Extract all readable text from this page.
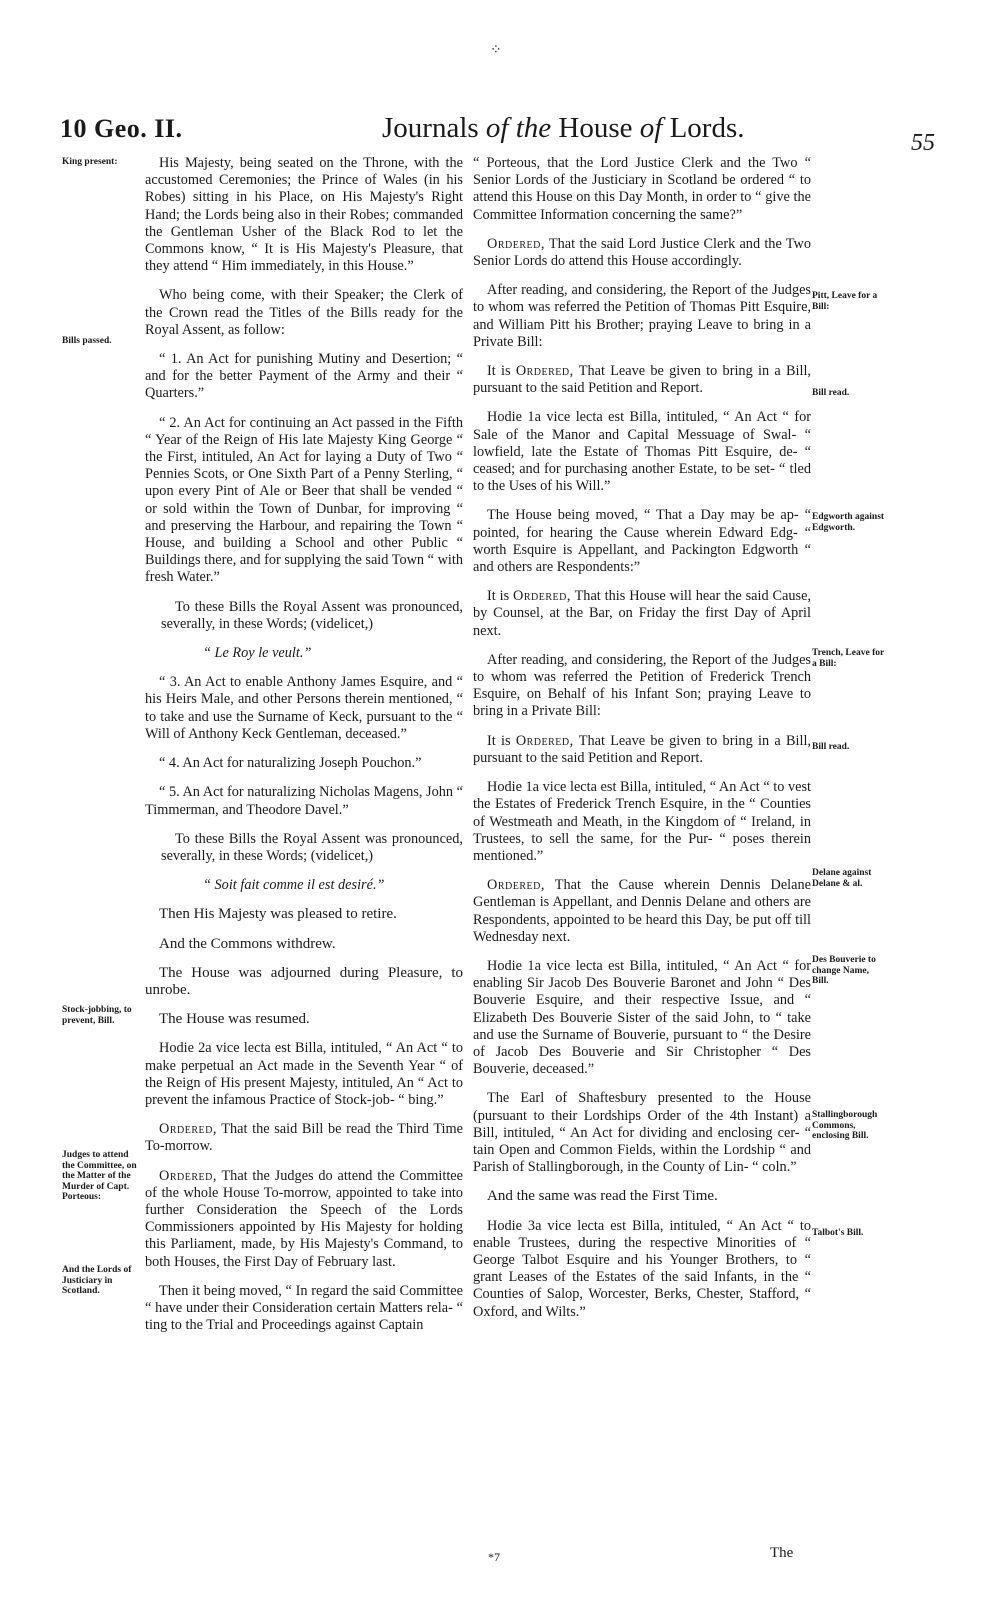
⁘
10 Geo. II.	Journals of the House of Lords.	55
King present:
Bills passed.
Stock-jobbing, to prevent, Bill.
Judges to attend the Committee, on the Matter of the Murder of Capt. Porteous:
And the Lords of Justiciary in Scotland.
Pitt, Leave for a Bill:
Bill read.
Edgworth against Edgworth.
Trench, Leave for a Bill:
Bill read.
Delane against Delane & al.
Des Bouverie to change Name, Bill.
Stallingborough Commons, enclosing Bill.
Talbot's Bill.

His Majesty, being seated on the Throne, with the accustomed Ceremonies; the Prince of Wales (in his Robes) sitting in his Place, on His Majesty's Right Hand; the Lords being also in their Robes; commanded the Gentleman Usher of the Black Rod to let the Commons know, “ It is His Majesty's Pleasure, that they attend “ Him immediately, in this House.”

Who being come, with their Speaker; the Clerk of the Crown read the Titles of the Bills ready for the Royal Assent, as follow:

“ 1. An Act for punishing Mutiny and Desertion; “ and for the better Payment of the Army and their “ Quarters.”

“ 2. An Act for continuing an Act passed in the Fifth “ Year of the Reign of His late Majesty King George “ the First, intituled, An Act for laying a Duty of Two “ Pennies Scots, or One Sixth Part of a Penny Sterling, “ upon every Pint of Ale or Beer that shall be vended “ or sold within the Town of Dunbar, for improving “ and preserving the Harbour, and repairing the Town “ House, and building a School and other Public “ Buildings there, and for supplying the said Town “ with fresh Water.”

To these Bills the Royal Assent was pronounced, severally, in these Words; (videlicet,)

“ Le Roy le veult.”

“ 3. An Act to enable Anthony James Esquire, and “ his Heirs Male, and other Persons therein mentioned, “ to take and use the Surname of Keck, pursuant to the “ Will of Anthony Keck Gentleman, deceased.”

“ 4. An Act for naturalizing Joseph Pouchon.”

“ 5. An Act for naturalizing Nicholas Magens, John “ Timmerman, and Theodore Davel.”

To these Bills the Royal Assent was pronounced, severally, in these Words; (videlicet,)

“ Soit fait comme il est desiré.”

Then His Majesty was pleased to retire.

And the Commons withdrew.

The House was adjourned during Pleasure, to unrobe.

The House was resumed.

Hodie 2a vice lecta est Billa, intituled, “ An Act “ to make perpetual an Act made in the Seventh Year “ of the Reign of His present Majesty, intituled, An “ Act to prevent the infamous Practice of Stock-job- “ bing.”

Ordered, That the said Bill be read the Third Time To-morrow.

Ordered, That the Judges do attend the Committee of the whole House To-morrow, appointed to take into further Consideration the Speech of the Lords Commissioners appointed by His Majesty for holding this Parliament, made, by His Majesty's Command, to both Houses, the First Day of February last.

Then it being moved, “ In regard the said Committee “ have under their Consideration certain Matters rela- “ ting to the Trial and Proceedings against Captain

“ Porteous, that the Lord Justice Clerk and the Two “ Senior Lords of the Justiciary in Scotland be ordered “ to attend this House on this Day Month, in order to “ give the Committee Information concerning the same?”

Ordered, That the said Lord Justice Clerk and the Two Senior Lords do attend this House accordingly.

After reading, and considering, the Report of the Judges to whom was referred the Petition of Thomas Pitt Esquire, and William Pitt his Brother; praying Leave to bring in a Private Bill:

It is Ordered, That Leave be given to bring in a Bill, pursuant to the said Petition and Report.

Hodie 1a vice lecta est Billa, intituled, “ An Act “ for Sale of the Manor and Capital Messuage of Swal- “ lowfield, late the Estate of Thomas Pitt Esquire, de- “ ceased; and for purchasing another Estate, to be set- “ tled to the Uses of his Will.”

The House being moved, “ That a Day may be ap- “ pointed, for hearing the Cause wherein Edward Edg- “ worth Esquire is Appellant, and Packington Edgworth “ and others are Respondents:”

It is Ordered, That this House will hear the said Cause, by Counsel, at the Bar, on Friday the first Day of April next.

After reading, and considering, the Report of the Judges to whom was referred the Petition of Frederick Trench Esquire, on Behalf of his Infant Son; praying Leave to bring in a Private Bill:

It is Ordered, That Leave be given to bring in a Bill, pursuant to the said Petition and Report.

Hodie 1a vice lecta est Billa, intituled, “ An Act “ to vest the Estates of Frederick Trench Esquire, in the “ Counties of Westmeath and Meath, in the Kingdom of “ Ireland, in Trustees, to sell the same, for the Pur- “ poses therein mentioned.”

Ordered, That the Cause wherein Dennis Delane Gentleman is Appellant, and Dennis Delane and others are Respondents, appointed to be heard this Day, be put off till Wednesday next.

Hodie 1a vice lecta est Billa, intituled, “ An Act “ for enabling Sir Jacob Des Bouverie Baronet and John “ Des Bouverie Esquire, and their respective Issue, and “ Elizabeth Des Bouverie Sister of the said John, to “ take and use the Surname of Bouverie, pursuant to “ the Desire of Jacob Des Bouverie and Sir Christopher “ Des Bouverie, deceased.”

The Earl of Shaftesbury presented to the House (pursuant to their Lordships Order of the 4th Instant) a Bill, intituled, “ An Act for dividing and enclosing cer- “ tain Open and Common Fields, within the Lordship “ and Parish of Stallingborough, in the County of Lin- “ coln.”

And the same was read the First Time.

Hodie 3a vice lecta est Billa, intituled, “ An Act “ to enable Trustees, during the respective Minorities of “ George Talbot Esquire and his Younger Brothers, to “ grant Leases of the Estates of the said Infants, in the “ Counties of Salop, Worcester, Berks, Chester, Stafford, “ Oxford, and Wilts.”

*7	The
